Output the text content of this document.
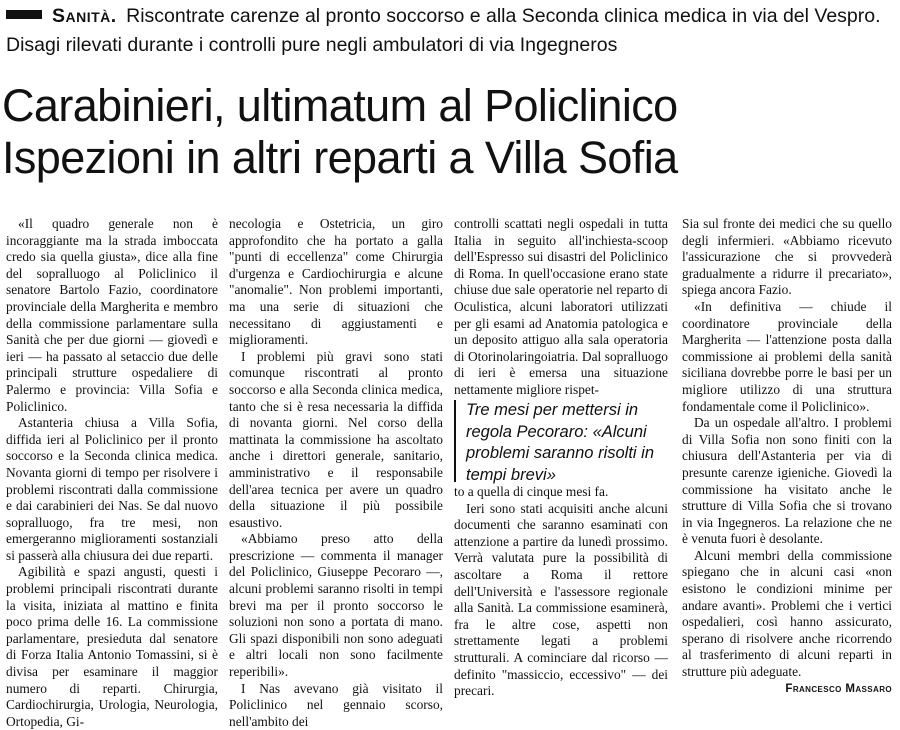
Sanità. Riscontrate carenze al pronto soccorso e alla Seconda clinica medica in via del Vespro. Disagi rilevati durante i controlli pure negli ambulatori di via Ingegneros
Carabinieri, ultimatum al Policlinico
Ispezioni in altri reparti a Villa Sofia

«Il quadro generale non è incoraggiante ma la strada imboccata credo sia quella giusta», dice alla fine del sopralluogo al Policlinico il senatore Bartolo Fazio, coordinatore provinciale della Margherita e membro della commissione parlamentare sulla Sanità che per due giorni — giovedì e ieri — ha passato al setaccio due delle principali strutture ospedaliere di Palermo e provincia: Villa Sofia e Policlinico.

Astanteria chiusa a Villa Sofia, diffida ieri al Policlinico per il pronto soccorso e la Seconda clinica medica. Novanta giorni di tempo per risolvere i problemi riscontrati dalla commissione e dai carabinieri dei Nas. Se dal nuovo sopralluogo, fra tre mesi, non emergeranno miglioramenti sostanziali si passerà alla chiusura dei due reparti.

Agibilità e spazi angusti, questi i problemi principali riscontrati durante la visita, iniziata al mattino e finita poco prima delle 16. La commissione parlamentare, presieduta dal senatore di Forza Italia Antonio Tomassini, si è divisa per esaminare il maggior numero di reparti. Chirurgia, Cardiochirurgia, Urologia, Neurologia, Ortopedia, Gi-

necologia e Ostetricia, un giro approfondito che ha portato a galla "punti di eccellenza" come Chirurgia d'urgenza e Cardiochirurgia e alcune "anomalie". Non problemi importanti, ma una serie di situazioni che necessitano di aggiustamenti e miglioramenti.

I problemi più gravi sono stati comunque riscontrati al pronto soccorso e alla Seconda clinica medica, tanto che si è resa necessaria la diffida di novanta giorni. Nel corso della mattinata la commissione ha ascoltato anche i direttori generale, sanitario, amministrativo e il responsabile dell'area tecnica per avere un quadro della situazione il più possibile esaustivo.

«Abbiamo preso atto della prescrizione — commenta il manager del Policlinico, Giuseppe Pecoraro —, alcuni problemi saranno risolti in tempi brevi ma per il pronto soccorso le soluzioni non sono a portata di mano. Gli spazi disponibili non sono adeguati e altri locali non sono facilmente reperibili».

I Nas avevano già visitato il Policlinico nel gennaio scorso, nell'ambito dei

controlli scattati negli ospedali in tutta Italia in seguito all'inchiesta-scoop dell'Espresso sui disastri del Policlinico di Roma. In quell'occasione erano state chiuse due sale operatorie nel reparto di Oculistica, alcuni laboratori utilizzati per gli esami ad Anatomia patologica e un deposito attiguo alla sala operatoria di Otorinolaringoiatria. Dal sopralluogo di ieri è emersa una situazione nettamente migliore rispet-

Tre mesi per mettersi in regola Pecoraro: «Alcuni problemi saranno risolti in tempi brevi»

to a quella di cinque mesi fa.

Ieri sono stati acquisiti anche alcuni documenti che saranno esaminati con attenzione a partire da lunedì prossimo. Verrà valutata pure la possibilità di ascoltare a Roma il rettore dell'Università e l'assessore regionale alla Sanità. La commissione esaminerà, fra le altre cose, aspetti non strettamente legati a problemi strutturali. A cominciare dal ricorso — definito "massiccio, eccessivo" — dei precari.

Sia sul fronte dei medici che su quello degli infermieri. «Abbiamo ricevuto l'assicurazione che si provvederà gradualmente a ridurre il precariato», spiega ancora Fazio.

«In definitiva — chiude il coordinatore provinciale della Margherita — l'attenzione posta dalla commissione ai problemi della sanità siciliana dovrebbe porre le basi per un migliore utilizzo di una struttura fondamentale come il Policlinico».

Da un ospedale all'altro. I problemi di Villa Sofia non sono finiti con la chiusura dell'Astanteria per via di presunte carenze igieniche. Giovedì la commissione ha visitato anche le strutture di Villa Sofia che si trovano in via Ingegneros. La relazione che ne è venuta fuori è desolante.

Alcuni membri della commissione spiegano che in alcuni casi «non esistono le condizioni minime per andare avanti». Problemi che i vertici ospedalieri, così hanno assicurato, sperano di risolvere anche ricorrendo al trasferimento di alcuni reparti in strutture più adeguate.
Francesco Massaro
